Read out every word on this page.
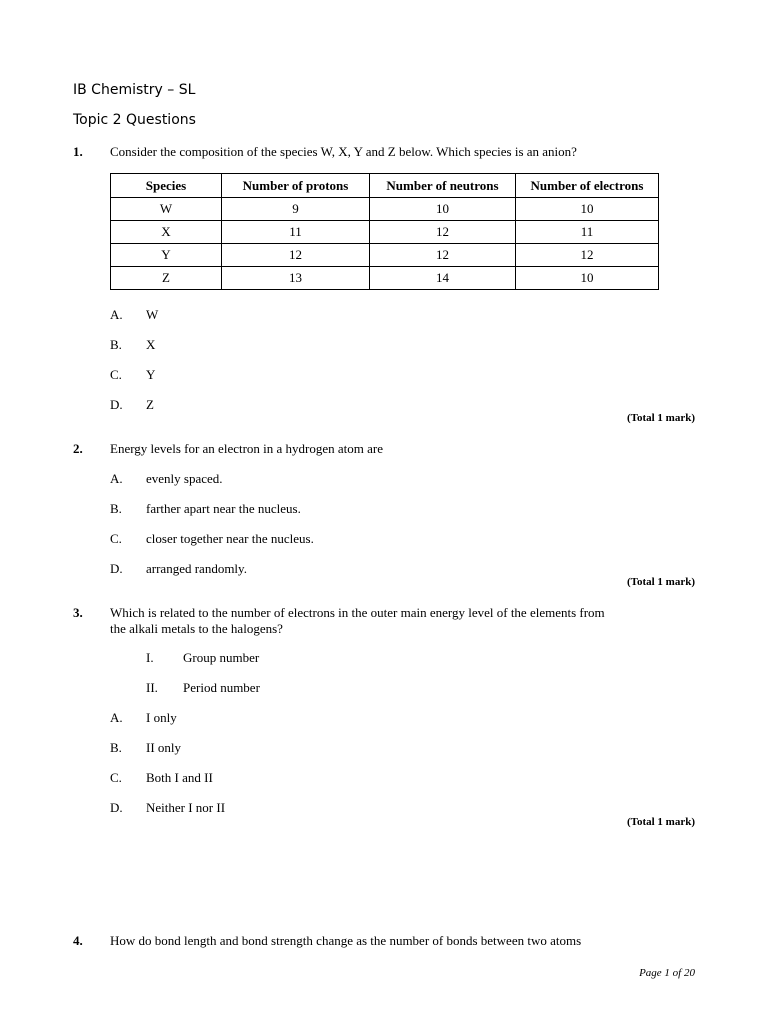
IB Chemistry – SL
Topic 2 Questions
1. Consider the composition of the species W, X, Y and Z below. Which species is an anion?
Species	Number of protons	Number of neutrons	Number of electrons
W	9	10	10
X	11	12	11
Y	12	12	12
Z	13	14	10
A. W
B. X
C. Y
D. Z
(Total 1 mark)
2. Energy levels for an electron in a hydrogen atom are
A. evenly spaced.
B. farther apart near the nucleus.
C. closer together near the nucleus.
D. arranged randomly.
(Total 1 mark)
3. Which is related to the number of electrons in the outer main energy level of the elements from
the alkali metals to the halogens?
I. Group number
II. Period number
A. I only
B. II only
C. Both I and II
D. Neither I nor II
(Total 1 mark)
4. How do bond length and bond strength change as the number of bonds between two atoms
Page 1 of 20
